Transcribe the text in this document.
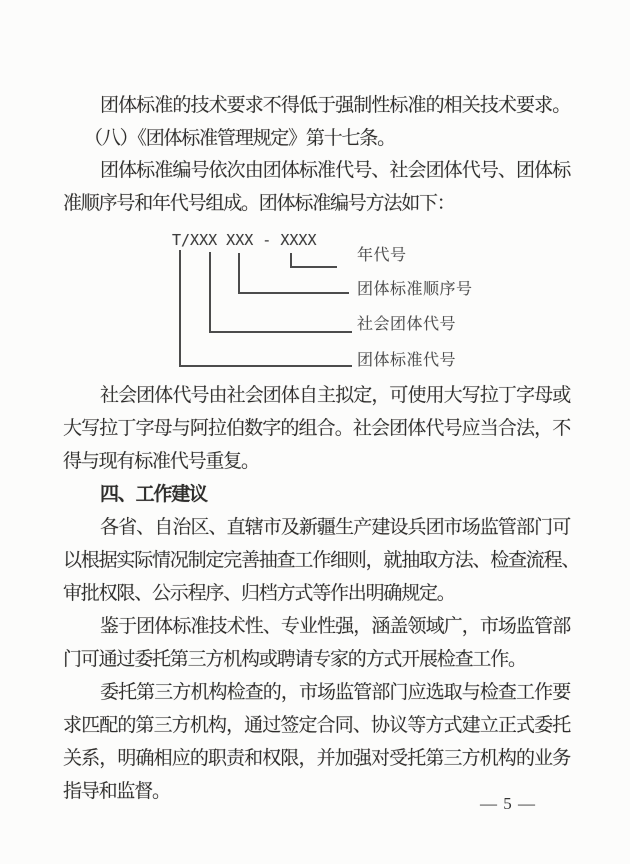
团体标准的技术要求不得低于强制性标准的相关技术要求。
（八）《团体标准管理规定》第十七条。
团体标准编号依次由团体标准代号、社会团体代号、团体标
准顺序号和年代号组成。团体标准编号方法如下：
T/XXX XXX - XXXX
年代号
团体标准顺序号
社会团体代号
团体标准代号
社会团体代号由社会团体自主拟定，可使用大写拉丁字母或
大写拉丁字母与阿拉伯数字的组合。社会团体代号应当合法，不
得与现有标准代号重复。
四、工作建议
各省、自治区、直辖市及新疆生产建设兵团市场监管部门可
以根据实际情况制定完善抽查工作细则，就抽取方法、检查流程、
审批权限、公示程序、归档方式等作出明确规定。
鉴于团体标准技术性、专业性强，涵盖领域广，市场监管部
门可通过委托第三方机构或聘请专家的方式开展检查工作。
委托第三方机构检查的，市场监管部门应选取与检查工作要
求匹配的第三方机构，通过签定合同、协议等方式建立正式委托
关系，明确相应的职责和权限，并加强对受托第三方机构的业务
指导和监督。
— 5 —
